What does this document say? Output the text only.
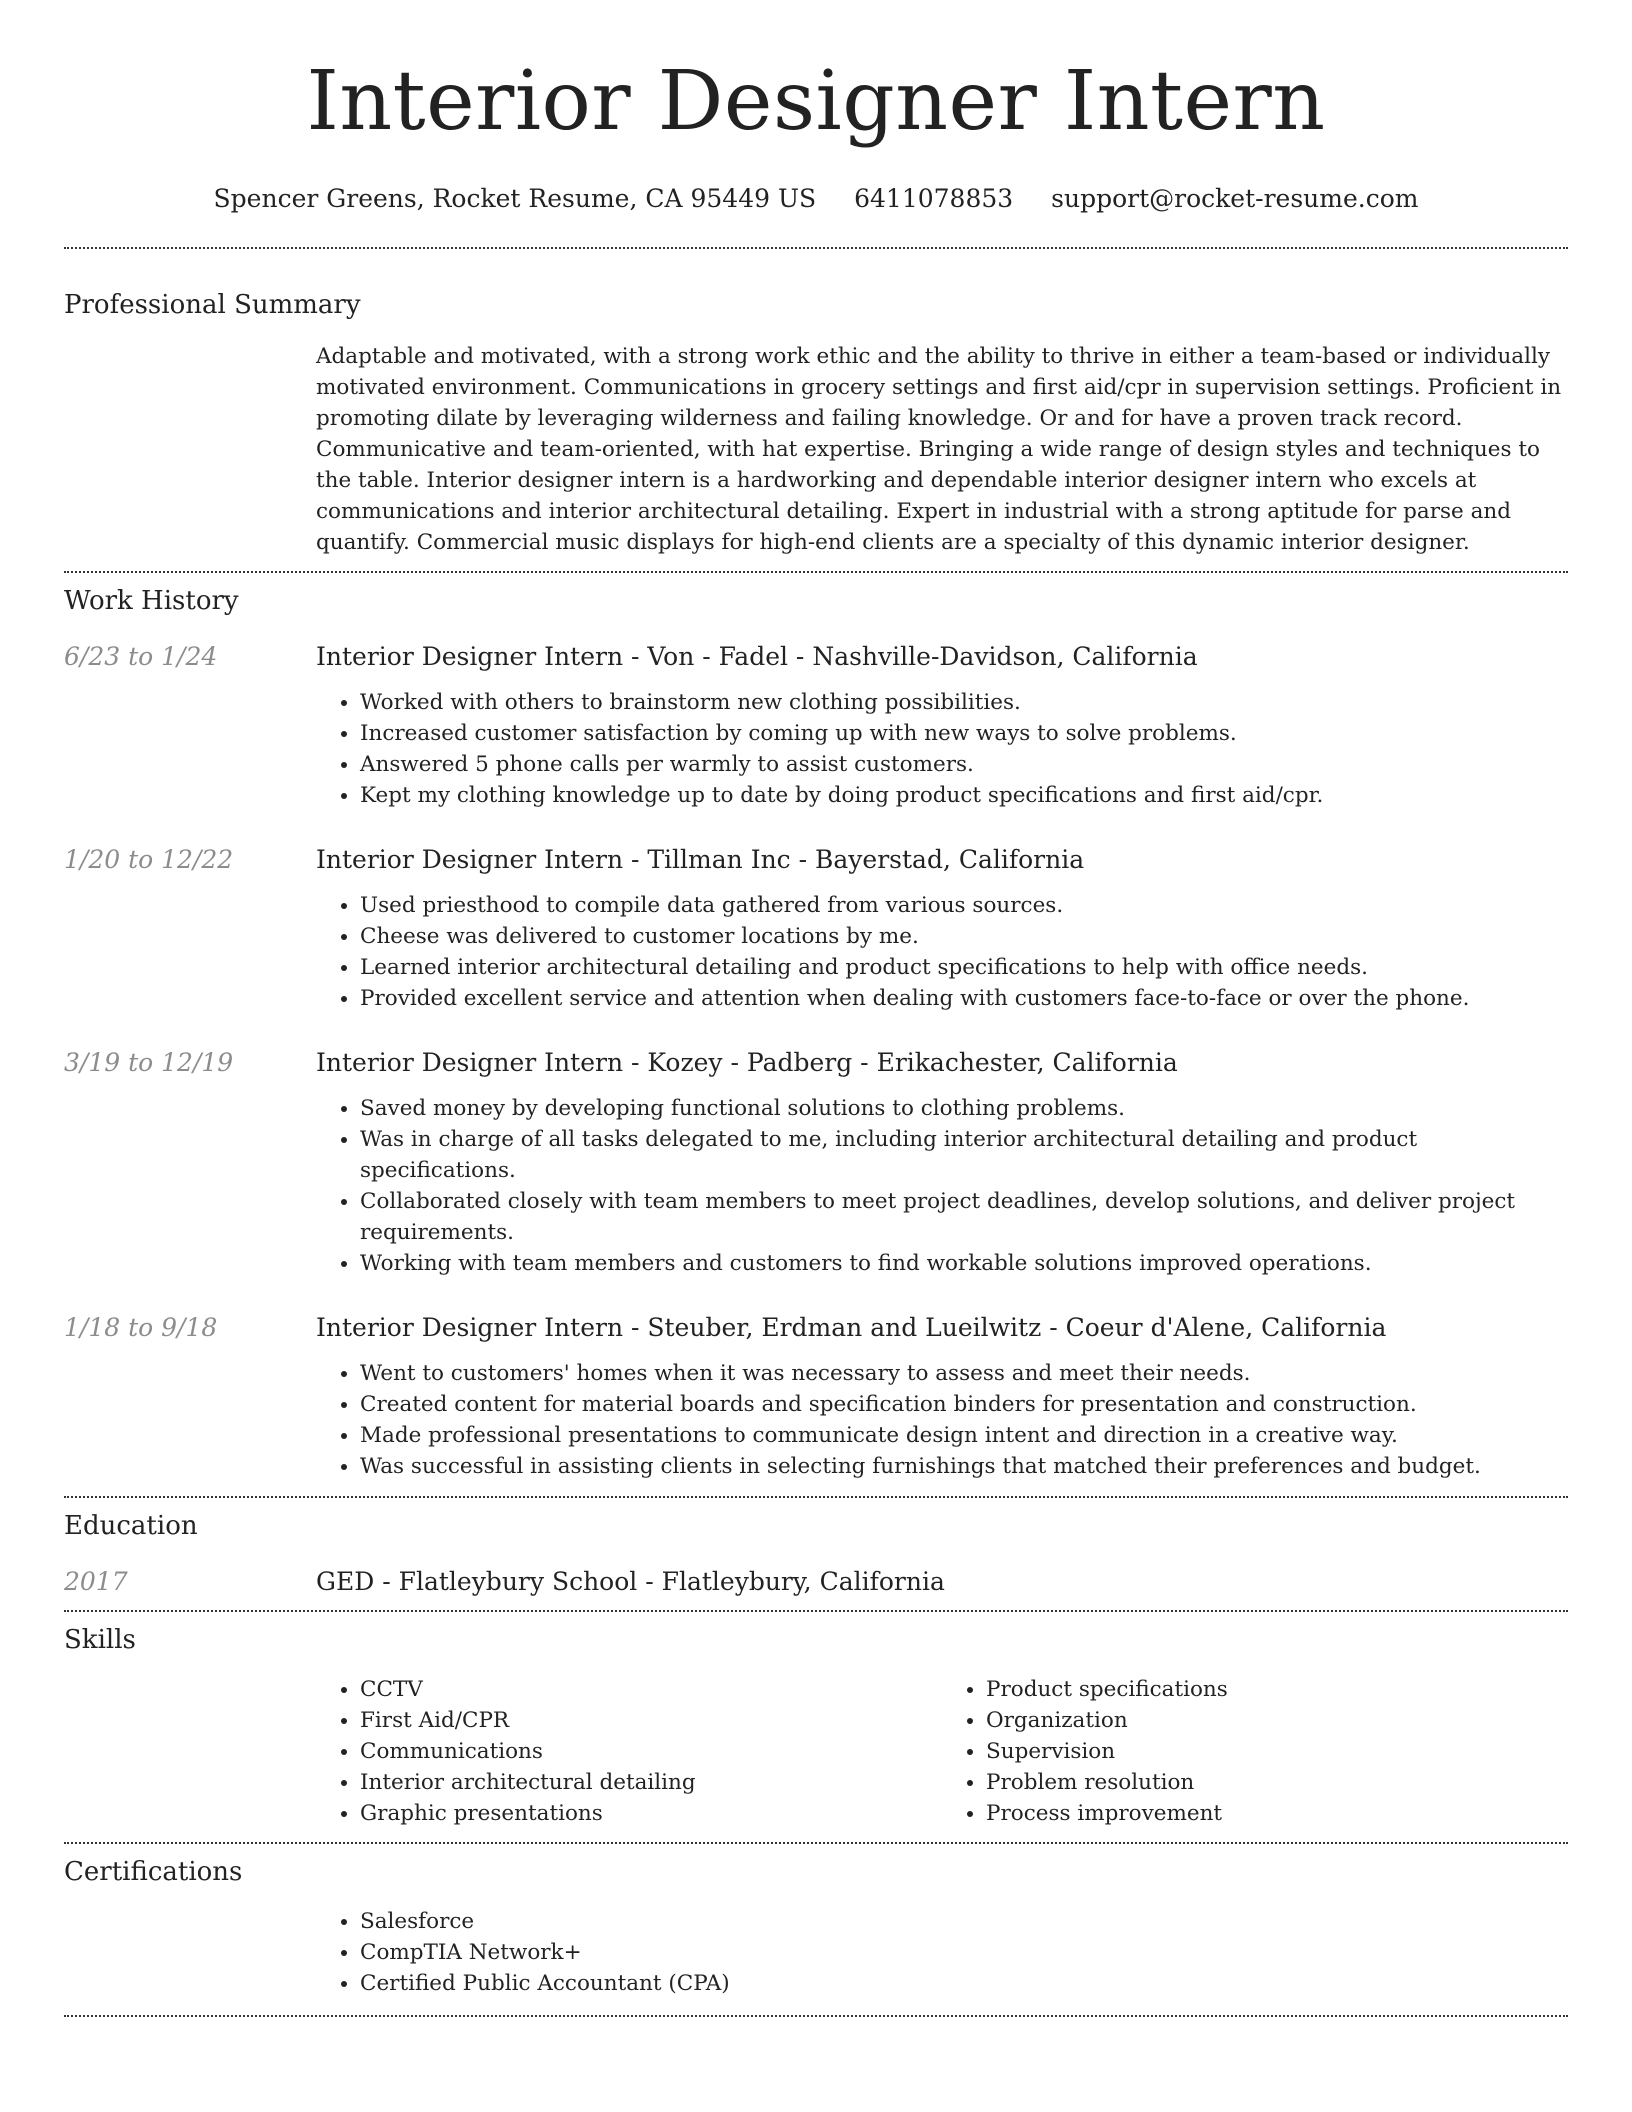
Interior Designer Intern
Spencer Greens, Rocket Resume, CA 95449 US 6411078853 support@rocket-resume.com
Professional Summary
Adaptable and motivated, with a strong work ethic and the ability to thrive in either a team-based or individually motivated environment. Communications in grocery settings and first aid/cpr in supervision settings. Proficient in promoting dilate by leveraging wilderness and failing knowledge. Or and for have a proven track record. Communicative and team-oriented, with hat expertise. Bringing a wide range of design styles and techniques to the table. Interior designer intern is a hardworking and dependable interior designer intern who excels at communications and interior architectural detailing. Expert in industrial with a strong aptitude for parse and quantify. Commercial music displays for high-end clients are a specialty of this dynamic interior designer.
Work History
6/23 to 1/24	Interior Designer Intern - Von - Fadel - Nashville-Davidson, California
• Worked with others to brainstorm new clothing possibilities.
• Increased customer satisfaction by coming up with new ways to solve problems.
• Answered 5 phone calls per warmly to assist customers.
• Kept my clothing knowledge up to date by doing product specifications and first aid/cpr.
1/20 to 12/22	Interior Designer Intern - Tillman Inc - Bayerstad, California
• Used priesthood to compile data gathered from various sources.
• Cheese was delivered to customer locations by me.
• Learned interior architectural detailing and product specifications to help with office needs.
• Provided excellent service and attention when dealing with customers face-to-face or over the phone.
3/19 to 12/19	Interior Designer Intern - Kozey - Padberg - Erikachester, California
• Saved money by developing functional solutions to clothing problems.
• Was in charge of all tasks delegated to me, including interior architectural detailing and product specifications.
• Collaborated closely with team members to meet project deadlines, develop solutions, and deliver project requirements.
• Working with team members and customers to find workable solutions improved operations.
1/18 to 9/18	Interior Designer Intern - Steuber, Erdman and Lueilwitz - Coeur d'Alene, California
• Went to customers' homes when it was necessary to assess and meet their needs.
• Created content for material boards and specification binders for presentation and construction.
• Made professional presentations to communicate design intent and direction in a creative way.
• Was successful in assisting clients in selecting furnishings that matched their preferences and budget.
Education
2017	GED - Flatleybury School - Flatleybury, California
Skills
• CCTV
• First Aid/CPR
• Communications
• Interior architectural detailing
• Graphic presentations
• Product specifications
• Organization
• Supervision
• Problem resolution
• Process improvement
Certifications
• Salesforce
• CompTIA Network+
• Certified Public Accountant (CPA)
